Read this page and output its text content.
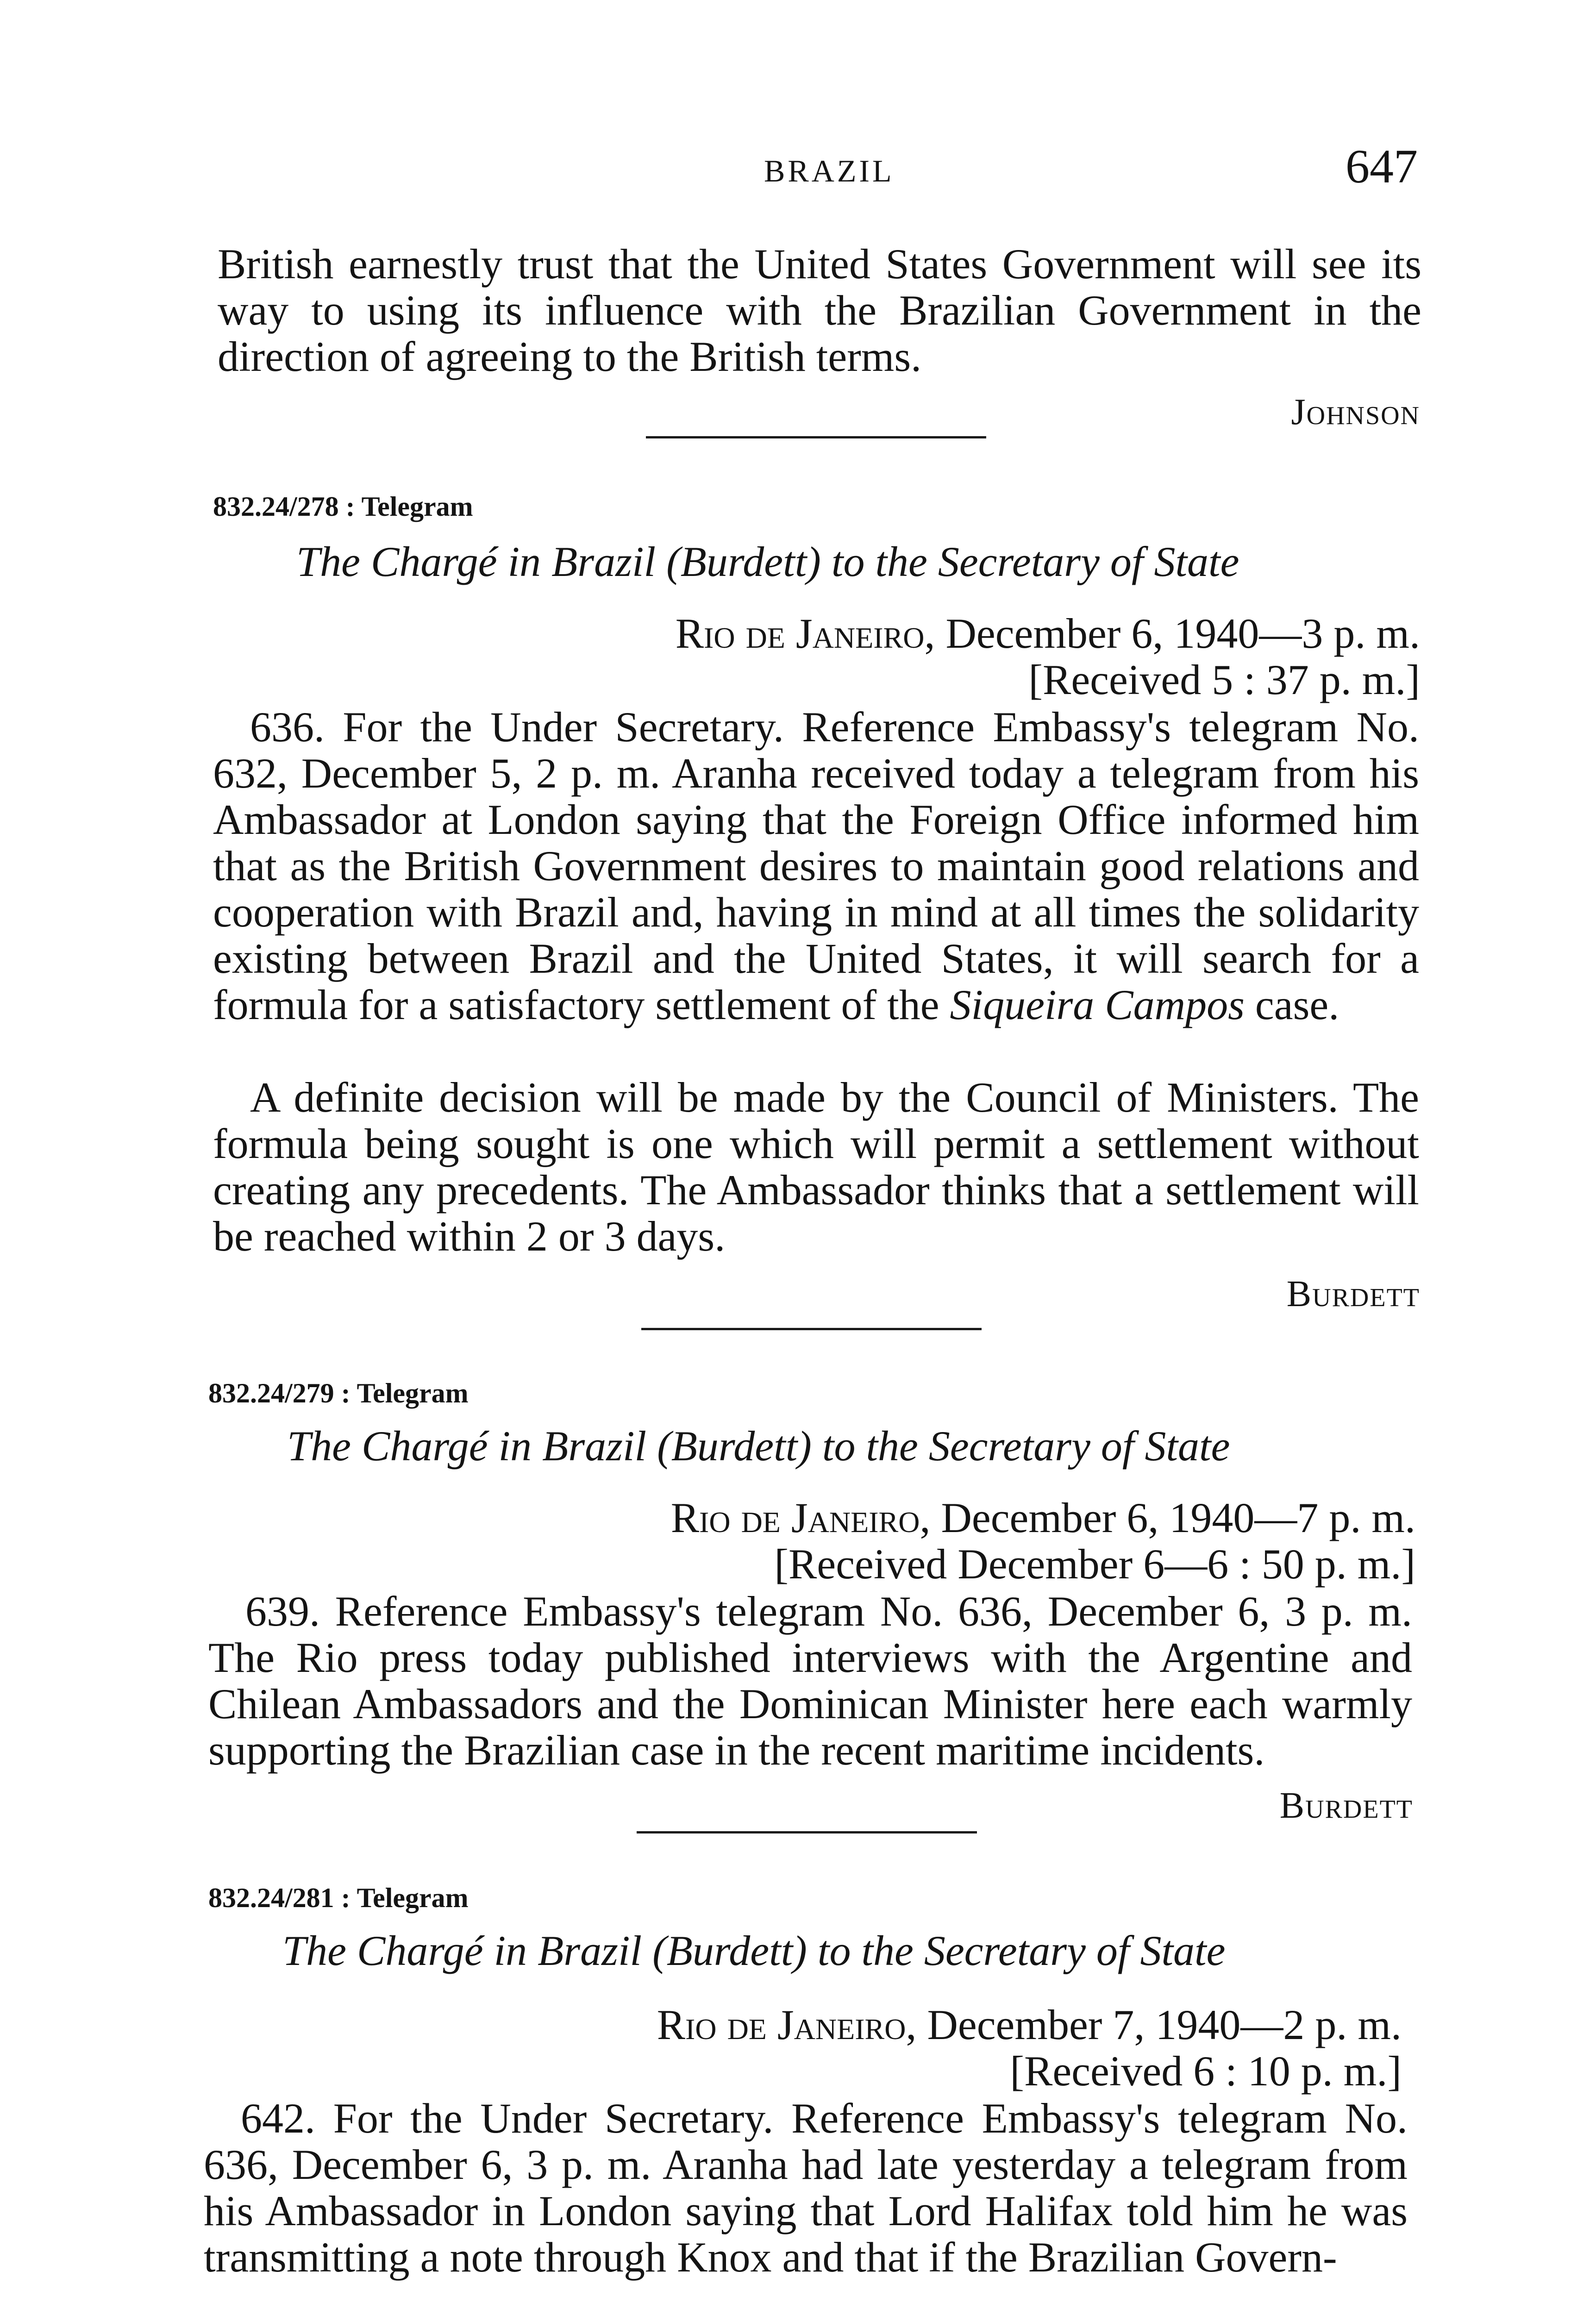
BRAZIL	647

British earnestly trust that the United States Government will see its way to using its influence with the Brazilian Government in the direction of agreeing to the British terms.

Johnson
832.24/278 : Telegram
The Chargé in Brazil (Burdett) to the Secretary of State
Rio de Janeiro, December 6, 1940—3 p. m.
[Received 5 : 37 p. m.]

636. For the Under Secretary. Reference Embassy's telegram No. 632, December 5, 2 p. m. Aranha received today a telegram from his Ambassador at London saying that the Foreign Office informed him that as the British Government desires to maintain good relations and cooperation with Brazil and, having in mind at all times the solidarity existing between Brazil and the United States, it will search for a formula for a satisfactory settlement of the Siqueira Campos case.

A definite decision will be made by the Council of Ministers. The formula being sought is one which will permit a settlement without creating any precedents. The Ambassador thinks that a settlement will be reached within 2 or 3 days.

Burdett
832.24/279 : Telegram
The Chargé in Brazil (Burdett) to the Secretary of State
Rio de Janeiro, December 6, 1940—7 p. m.
[Received December 6—6 : 50 p. m.]

639. Reference Embassy's telegram No. 636, December 6, 3 p. m. The Rio press today published interviews with the Argentine and Chilean Ambassadors and the Dominican Minister here each warmly supporting the Brazilian case in the recent maritime incidents.

Burdett
832.24/281 : Telegram
The Chargé in Brazil (Burdett) to the Secretary of State
Rio de Janeiro, December 7, 1940—2 p. m.
[Received 6 : 10 p. m.]

642. For the Under Secretary. Reference Embassy's telegram No. 636, December 6, 3 p. m. Aranha had late yesterday a telegram from his Ambassador in London saying that Lord Halifax told him he was transmitting a note through Knox and that if the Brazilian Govern-
